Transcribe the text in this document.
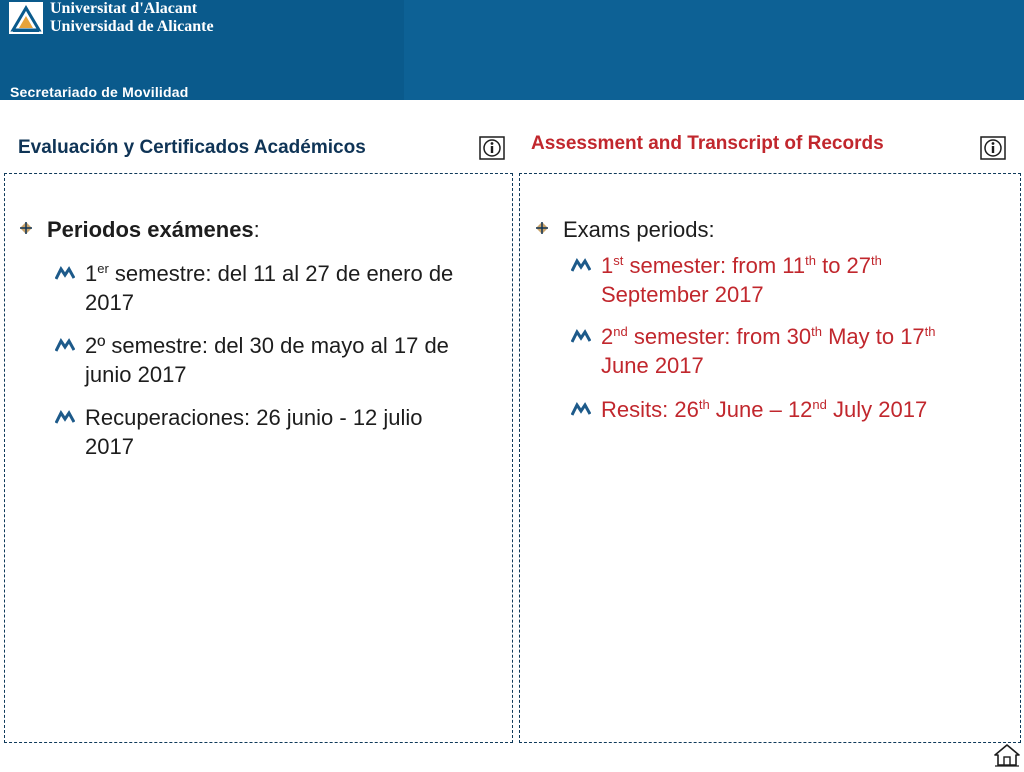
Universitat d'Alacant
Universidad de Alicante
Secretariado de Movilidad
Evaluación y Certificados Académicos	Assessment and Transcript of Records
Periodos exámenes:
1er semestre: del 11 al 27 de enero de
2017
2º semestre: del 30 de mayo al 17 de
junio 2017
Recuperaciones: 26 junio - 12 julio
2017
Exams periods:
1st semester: from 11th to 27th
September 2017
2nd semester: from 30th May to 17th
June 2017
Resits: 26th June – 12nd July 2017
